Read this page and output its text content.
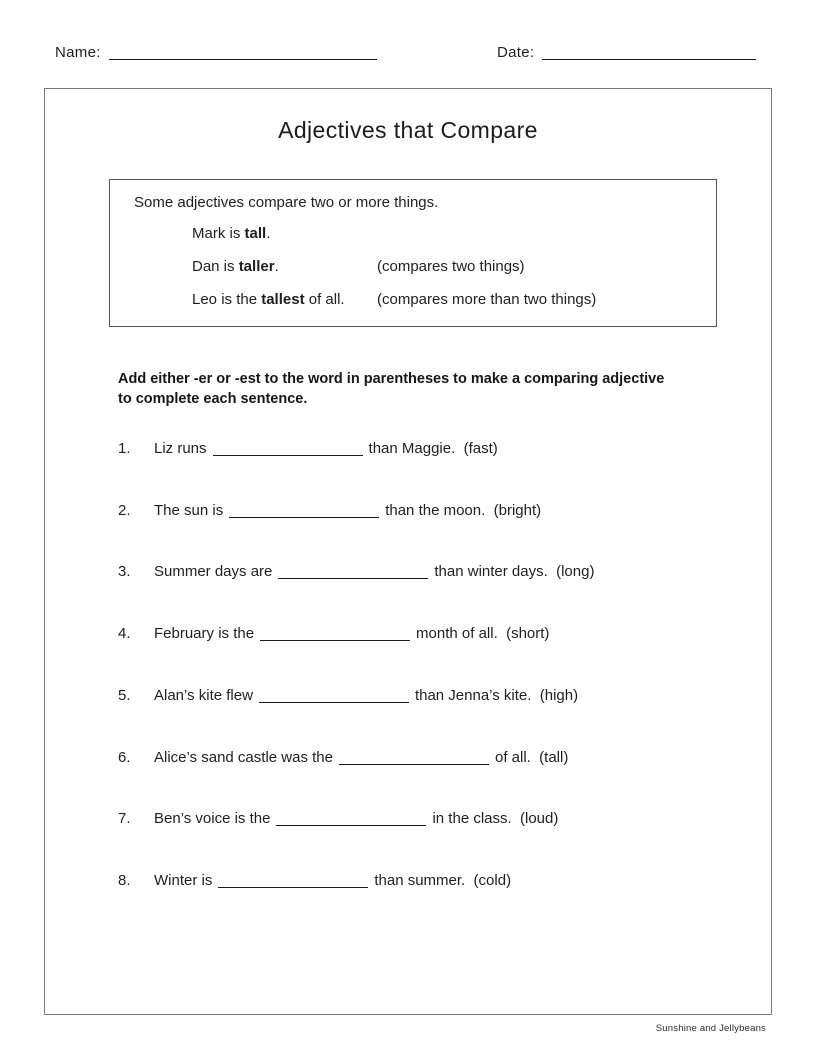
Name:	Date:
Adjectives that Compare
Some adjectives compare two or more things.
Mark is tall.
Dan is taller.	(compares two things)
Leo is the tallest of all.	(compares more than two things)
Add either -er or -est to the word in parentheses to make a comparing adjective to complete each sentence.
1.	Liz runs	than Maggie.  (fast)
2.	The sun is	than the moon.  (bright)
3.	Summer days are	than winter days.  (long)
4.	February is the	month of all.  (short)
5.	Alan’s kite flew	than Jenna’s kite.  (high)
6.	Alice’s sand castle was the	of all.  (tall)
7.	Ben’s voice is the	in the class.  (loud)
8.	Winter is	than summer.  (cold)
Sunshine and Jellybeans
